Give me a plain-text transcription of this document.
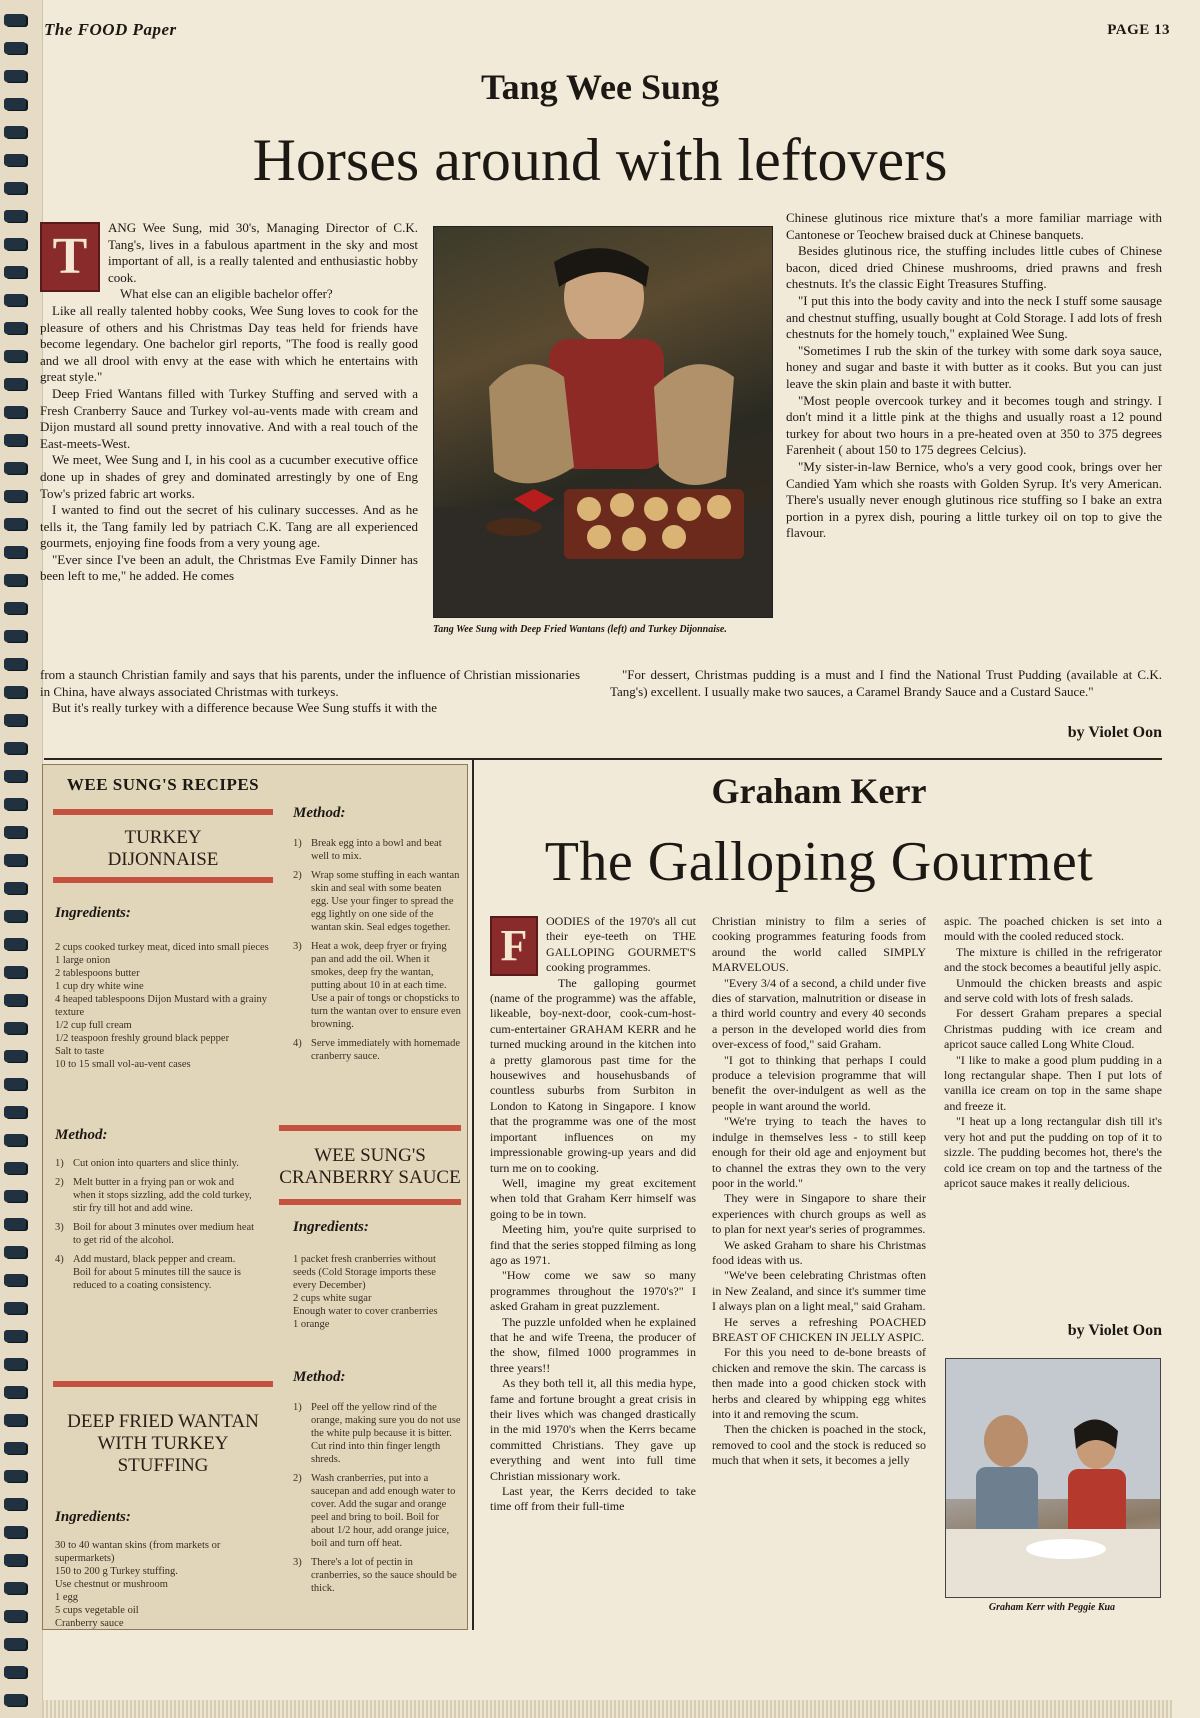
The FOOD Paper	PAGE 13
Tang Wee Sung
Horses around with leftovers
T

ANG Wee Sung, mid 30's, Managing Director of C.K. Tang's, lives in a fabulous apartment in the sky and most important of all, is a really talented and enthusiastic hobby cook.

What else can an eligible bachelor offer?

Like all really talented hobby cooks, Wee Sung loves to cook for the pleasure of others and his Christmas Day teas held for friends have become legendary. One bachelor girl reports, "The food is really good and we all drool with envy at the ease with which he entertains with great style."

Deep Fried Wantans filled with Turkey Stuffing and served with a Fresh Cranberry Sauce and Turkey vol-au-vents made with cream and Dijon mustard all sound pretty innovative. And with a real touch of the East-meets-West.

We meet, Wee Sung and I, in his cool as a cucumber executive office done up in shades of grey and dominated arrestingly by one of Eng Tow's prized fabric art works.

I wanted to find out the secret of his culinary successes. And as he tells it, the Tang family led by patriach C.K. Tang are all experienced gourmets, enjoying fine foods from a very young age.

"Ever since I've been an adult, the Christmas Eve Family Dinner has been left to me," he added. He comes

Tang Wee Sung with Deep Fried Wantans (left) and Turkey Dijonnaise.

Chinese glutinous rice mixture that's a more familiar marriage with Cantonese or Teochew braised duck at Chinese banquets.

Besides glutinous rice, the stuffing includes little cubes of Chinese bacon, diced dried Chinese mushrooms, dried prawns and fresh chestnuts. It's the classic Eight Treasures Stuffing.

"I put this into the body cavity and into the neck I stuff some sausage and chestnut stuffing, usually bought at Cold Storage. I add lots of fresh chestnuts for the homely touch," explained Wee Sung.

"Sometimes I rub the skin of the turkey with some dark soya sauce, honey and sugar and baste it with butter as it cooks. But you can just leave the skin plain and baste it with butter.

"Most people overcook turkey and it becomes tough and stringy. I don't mind it a little pink at the thighs and usually roast a 12 pound turkey for about two hours in a pre-heated oven at 350 to 375 degrees Farenheit ( about 150 to 175 degrees Celcius).

"My sister-in-law Bernice, who's a very good cook, brings over her Candied Yam which she roasts with Golden Syrup. It's very American. There's usually never enough glutinous rice stuffing so I bake an extra portion in a pyrex dish, pouring a little turkey oil on top to give the flavour.

from a staunch Christian family and says that his parents, under the influence of Christian missionaries in China, have always associated Christmas with turkeys.

But it's really turkey with a difference because Wee Sung stuffs it with the

"For dessert, Christmas pudding is a must and I find the National Trust Pudding (available at C.K. Tang's) excellent. I usually make two sauces, a Caramel Brandy Sauce and a Custard Sauce."

by Violet Oon
WEE SUNG'S RECIPES
TURKEY DIJONNAISE
Ingredients:

2 cups cooked turkey meat, diced into small pieces

1 large onion

2 tablespoons butter

1 cup dry white wine

4 heaped tablespoons Dijon Mustard with a grainy texture

1/2 cup full cream

1/2 teaspoon freshly ground black pepper

Salt to taste

10 to 15 small vol-au-vent cases

Method:
1) Cut onion into quarters and slice thinly.
2) Melt butter in a frying pan or wok and when it stops sizzling, add the cold turkey, stir fry till hot and add wine.
3) Boil for about 3 minutes over medium heat to get rid of the alcohol.
4) Add mustard, black pepper and cream. Boil for about 5 minutes till the sauce is reduced to a coating consistency.
Method:
1) Break egg into a bowl and beat well to mix.
2) Wrap some stuffing in each wantan skin and seal with some beaten egg. Use your finger to spread the egg lightly on one side of the wantan skin. Seal edges together.
3) Heat a wok, deep fryer or frying pan and add the oil. When it smokes, deep fry the wantan, putting about 10 in at each time. Use a pair of tongs or chopsticks to turn the wantan over to ensure even browning.
4) Serve immediately with homemade cranberry sauce.
WEE SUNG'S CRANBERRY SAUCE
Ingredients:

1 packet fresh cranberries without seeds (Cold Storage imports these every December)

2 cups white sugar

Enough water to cover cranberries

1 orange

Method:
1) Peel off the yellow rind of the orange, making sure you do not use the white pulp because it is bitter. Cut rind into thin finger length shreds.
2) Wash cranberries, put into a saucepan and add enough water to cover. Add the sugar and orange peel and bring to boil. Boil for about 1/2 hour, add orange juice, boil and turn off heat.
3) There's a lot of pectin in cranberries, so the sauce should be thick.
DEEP FRIED WANTAN WITH TURKEY STUFFING
Ingredients:

30 to 40 wantan skins (from markets or supermarkets)

150 to 200 g Turkey stuffing.

Use chestnut or mushroom

1 egg

5 cups vegetable oil

Cranberry sauce

Graham Kerr
The Galloping Gourmet
F	OODIES of the 1970's all cut their eye-teeth on THE GALLOPING GOURMET'S cooking programmes.

The galloping gourmet (name of the programme) was the affable, likeable, boy-next-door, cook-cum-host-cum-entertainer GRAHAM KERR and he turned mucking around in the kitchen into a pretty glamorous past time for the housewives and househusbands of countless suburbs from Surbiton in London to Katong in Singapore. I know that the programme was one of the most important influences on my impressionable growing-up years and did turn me on to cooking.

Well, imagine my great excitement when told that Graham Kerr himself was going to be in town.

Meeting him, you're quite surprised to find that the series stopped filming as long ago as 1971.

"How come we saw so many programmes throughout the 1970's?" I asked Graham in great puzzlement.

The puzzle unfolded when he explained that he and wife Treena, the producer of the show, filmed 1000 programmes in three years!!

As they both tell it, all this media hype, fame and fortune brought a great crisis in their lives which was changed drastically in the mid 1970's when the Kerrs became committed Christians. They gave up everything and went into full time Christian missionary work.

Last year, the Kerrs decided to take time off from their full-time

Christian ministry to film a series of cooking programmes featuring foods from around the world called SIMPLY MARVELOUS.

"Every 3/4 of a second, a child under five dies of starvation, malnutrition or disease in a third world country and every 40 seconds a person in the developed world dies from over-excess of food," said Graham.

"I got to thinking that perhaps I could produce a television programme that will benefit the over-indulgent as well as the people in want around the world.

"We're trying to teach the haves to indulge in themselves less - to still keep enough for their old age and enjoyment but to channel the extras they own to the very poor in the world."

They were in Singapore to share their experiences with church groups as well as to plan for next year's series of programmes.

We asked Graham to share his Christmas food ideas with us.

"We've been celebrating Christmas often in New Zealand, and since it's summer time I always plan on a light meal," said Graham.

He serves a refreshing POACHED BREAST OF CHICKEN IN JELLY ASPIC.

For this you need to de-bone breasts of chicken and remove the skin. The carcass is then made into a good chicken stock with herbs and cleared by whipping egg whites into it and removing the scum.

Then the chicken is poached in the stock, removed to cool and the stock is reduced so much that when it sets, it becomes a jelly

aspic. The poached chicken is set into a mould with the cooled reduced stock.

The mixture is chilled in the refrigerator and the stock becomes a beautiful jelly aspic.

Unmould the chicken breasts and aspic and serve cold with lots of fresh salads.

For dessert Graham prepares a special Christmas pudding with ice cream and apricot sauce called Long White Cloud.

"I like to make a good plum pudding in a long rectangular shape. Then I put lots of vanilla ice cream on top in the same shape and freeze it.

"I heat up a long rectangular dish till it's very hot and put the pudding on top of it to sizzle. The pudding becomes hot, there's the cold ice cream on top and the tartness of the apricot sauce makes it really delicious.

by Violet Oon
Graham Kerr with Peggie Kua
